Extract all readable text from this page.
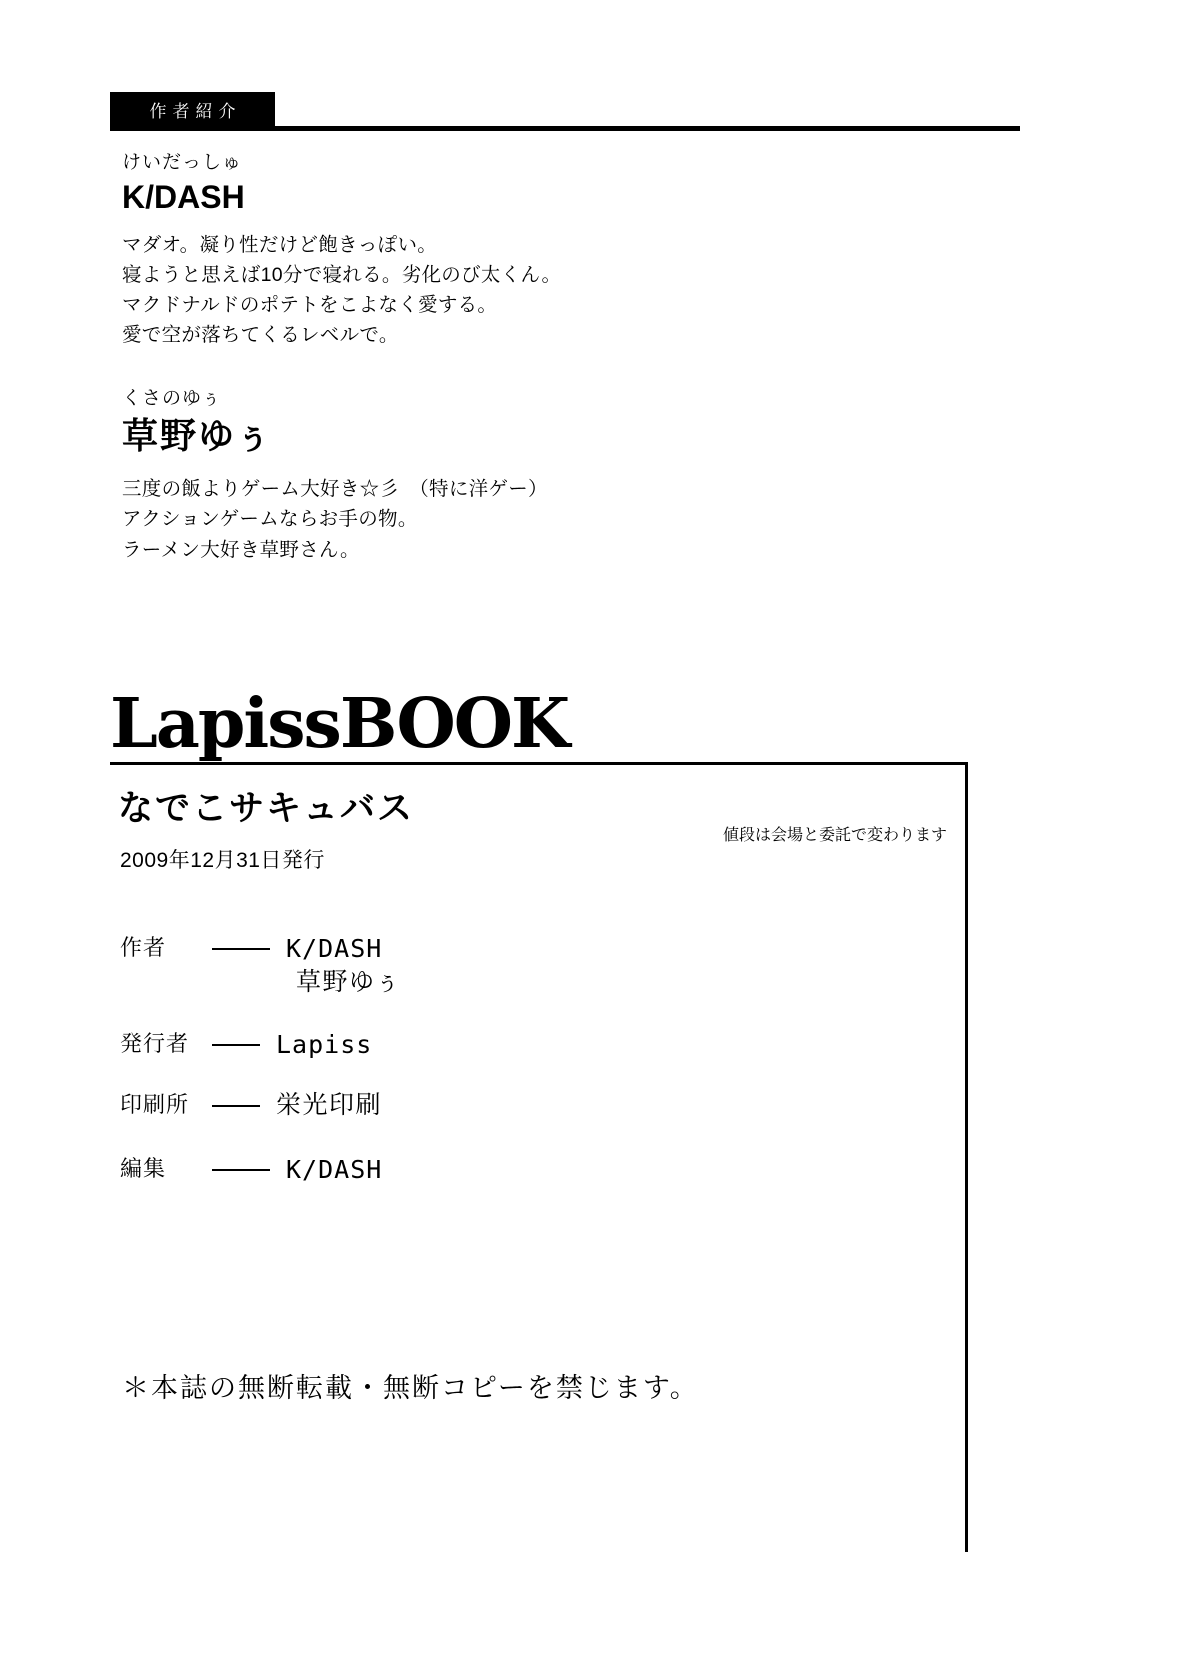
作者紹介

けいだっしゅ

K/DASH

マダオ。凝り性だけど飽きっぽい。
寝ようと思えば10分で寝れる。劣化のび太くん。
マクドナルドのポテトをこよなく愛する。
愛で空が落ちてくるレベルで。

くさのゆぅ

草野ゆぅ

三度の飯よりゲーム大好き☆彡　（特に洋ゲー）
アクションゲームならお手の物。
ラーメン大好き草野さん。

LapissBOOK
なでこサキュバス

2009年12月31日発行

値段は会場と委託で変わります

作者	K/DASH
草野ゆぅ
発行者	Lapiss
印刷所	栄光印刷
編集	K/DASH

＊本誌の無断転載・無断コピーを禁じます。
